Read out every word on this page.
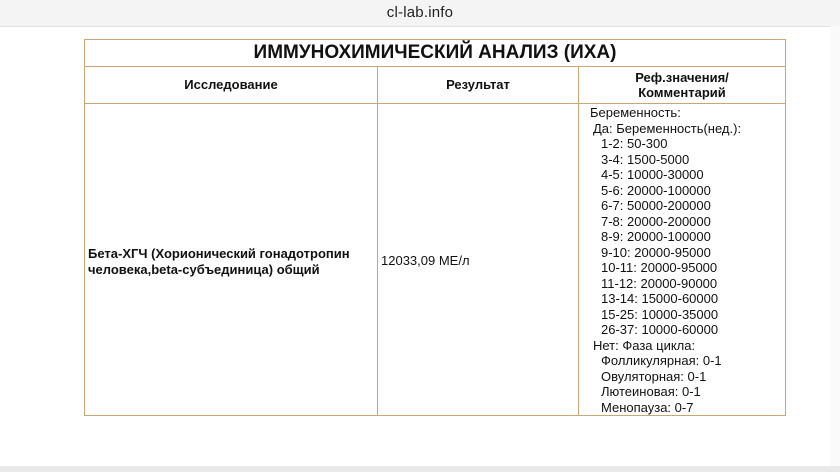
cl-lab.info
ИММУНОХИМИЧЕСКИЙ АНАЛИЗ (ИХА)
Исследование	Результат	Реф.значения/
Комментарий
Бета-ХГЧ (Хорионический гонадотропин
человека,beta-субъединица) общий
12033,09 МЕ/л
Беременность:
Да: Беременность(нед.):
1-2: 50-300
3-4: 1500-5000
4-5: 10000-30000
5-6: 20000-100000
6-7: 50000-200000
7-8: 20000-200000
8-9: 20000-100000
9-10: 20000-95000
10-11: 20000-95000
11-12: 20000-90000
13-14: 15000-60000
15-25: 10000-35000
26-37: 10000-60000
Нет: Фаза цикла:
Фолликулярная: 0-1
Овуляторная: 0-1
Лютеиновая: 0-1
Менопауза: 0-7
